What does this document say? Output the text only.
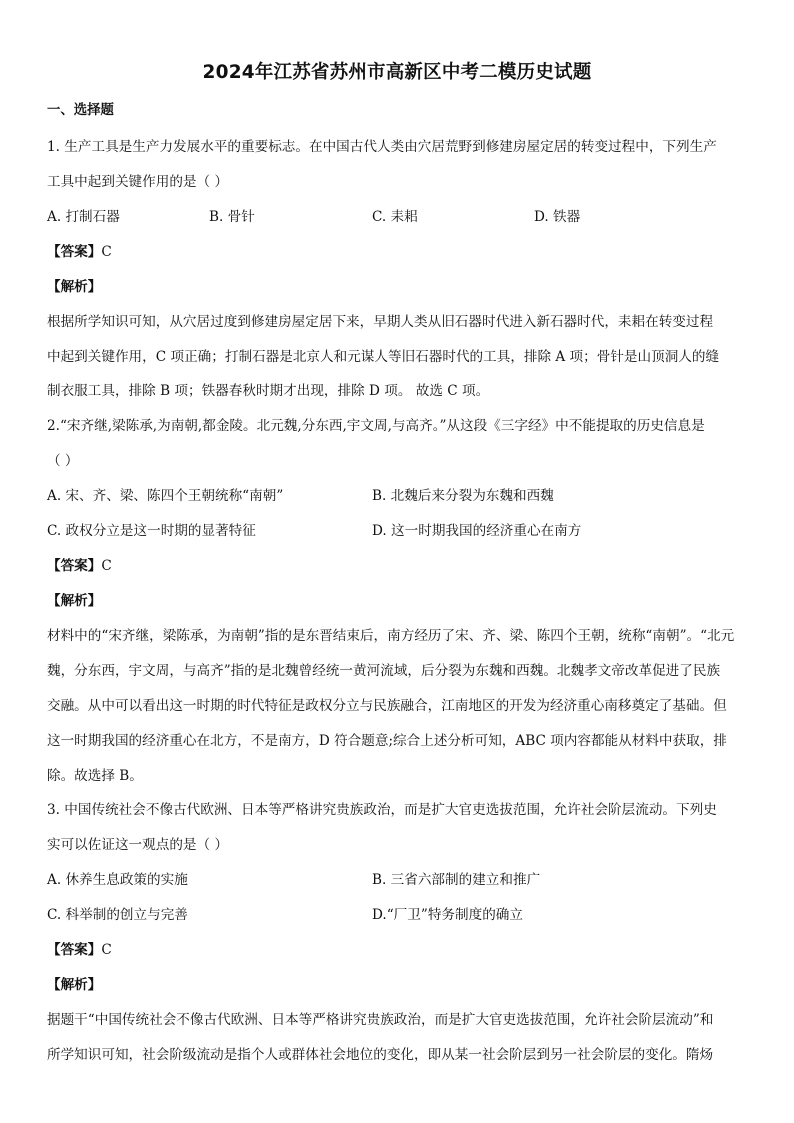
2024年江苏省苏州市高新区中考二模历史试题
一、选择题
1. 生产工具是生产力发展水平的重要标志。在中国古代人类由穴居荒野到修建房屋定居的转变过程中，下列生产
工具中起到关键作用的是（ ）
A. 打制石器	B. 骨针	C. 耒耜	D. 铁器
【答案】C
【解析】
根据所学知识可知，从穴居过度到修建房屋定居下来，早期人类从旧石器时代进入新石器时代，耒耜在转变过程
中起到关键作用，C 项正确；打制石器是北京人和元谋人等旧石器时代的工具，排除 A 项；骨针是山顶洞人的缝
制衣服工具，排除 B 项；铁器春秋时期才出现，排除 D 项。 故选 C 项。
2.“宋齐继,梁陈承,为南朝,都金陵。北元魏,分东西,宇文周,与高齐。”从这段《三字经》中不能提取的历史信息是
（ ）
A. 宋、齐、梁、陈四个王朝统称“南朝”	B. 北魏后来分裂为东魏和西魏
C. 政权分立是这一时期的显著特征	D. 这一时期我国的经济重心在南方
【答案】C
【解析】
材料中的“宋齐继，梁陈承，为南朝”指的是东晋结束后，南方经历了宋、齐、梁、陈四个王朝，统称“南朝”。“北元
魏，分东西，宇文周，与高齐”指的是北魏曾经统一黄河流域，后分裂为东魏和西魏。北魏孝文帝改革促进了民族
交融。从中可以看出这一时期的时代特征是政权分立与民族融合，江南地区的开发为经济重心南移奠定了基础。但
这一时期我国的经济重心在北方，不是南方，D 符合题意;综合上述分析可知，ABC 项内容都能从材料中获取，排
除。故选择 B。
3. 中国传统社会不像古代欧洲、日本等严格讲究贵族政治，而是扩大官吏选拔范围，允许社会阶层流动。下列史
实可以佐证这一观点的是（ ）
A. 休养生息政策的实施	B. 三省六部制的建立和推广
C. 科举制的创立与完善	D.“厂卫”特务制度的确立
【答案】C
【解析】
据题干“中国传统社会不像古代欧洲、日本等严格讲究贵族政治，而是扩大官吏选拔范围，允许社会阶层流动”和
所学知识可知，社会阶级流动是指个人或群体社会地位的变化，即从某一社会阶层到另一社会阶层的变化。隋炀
